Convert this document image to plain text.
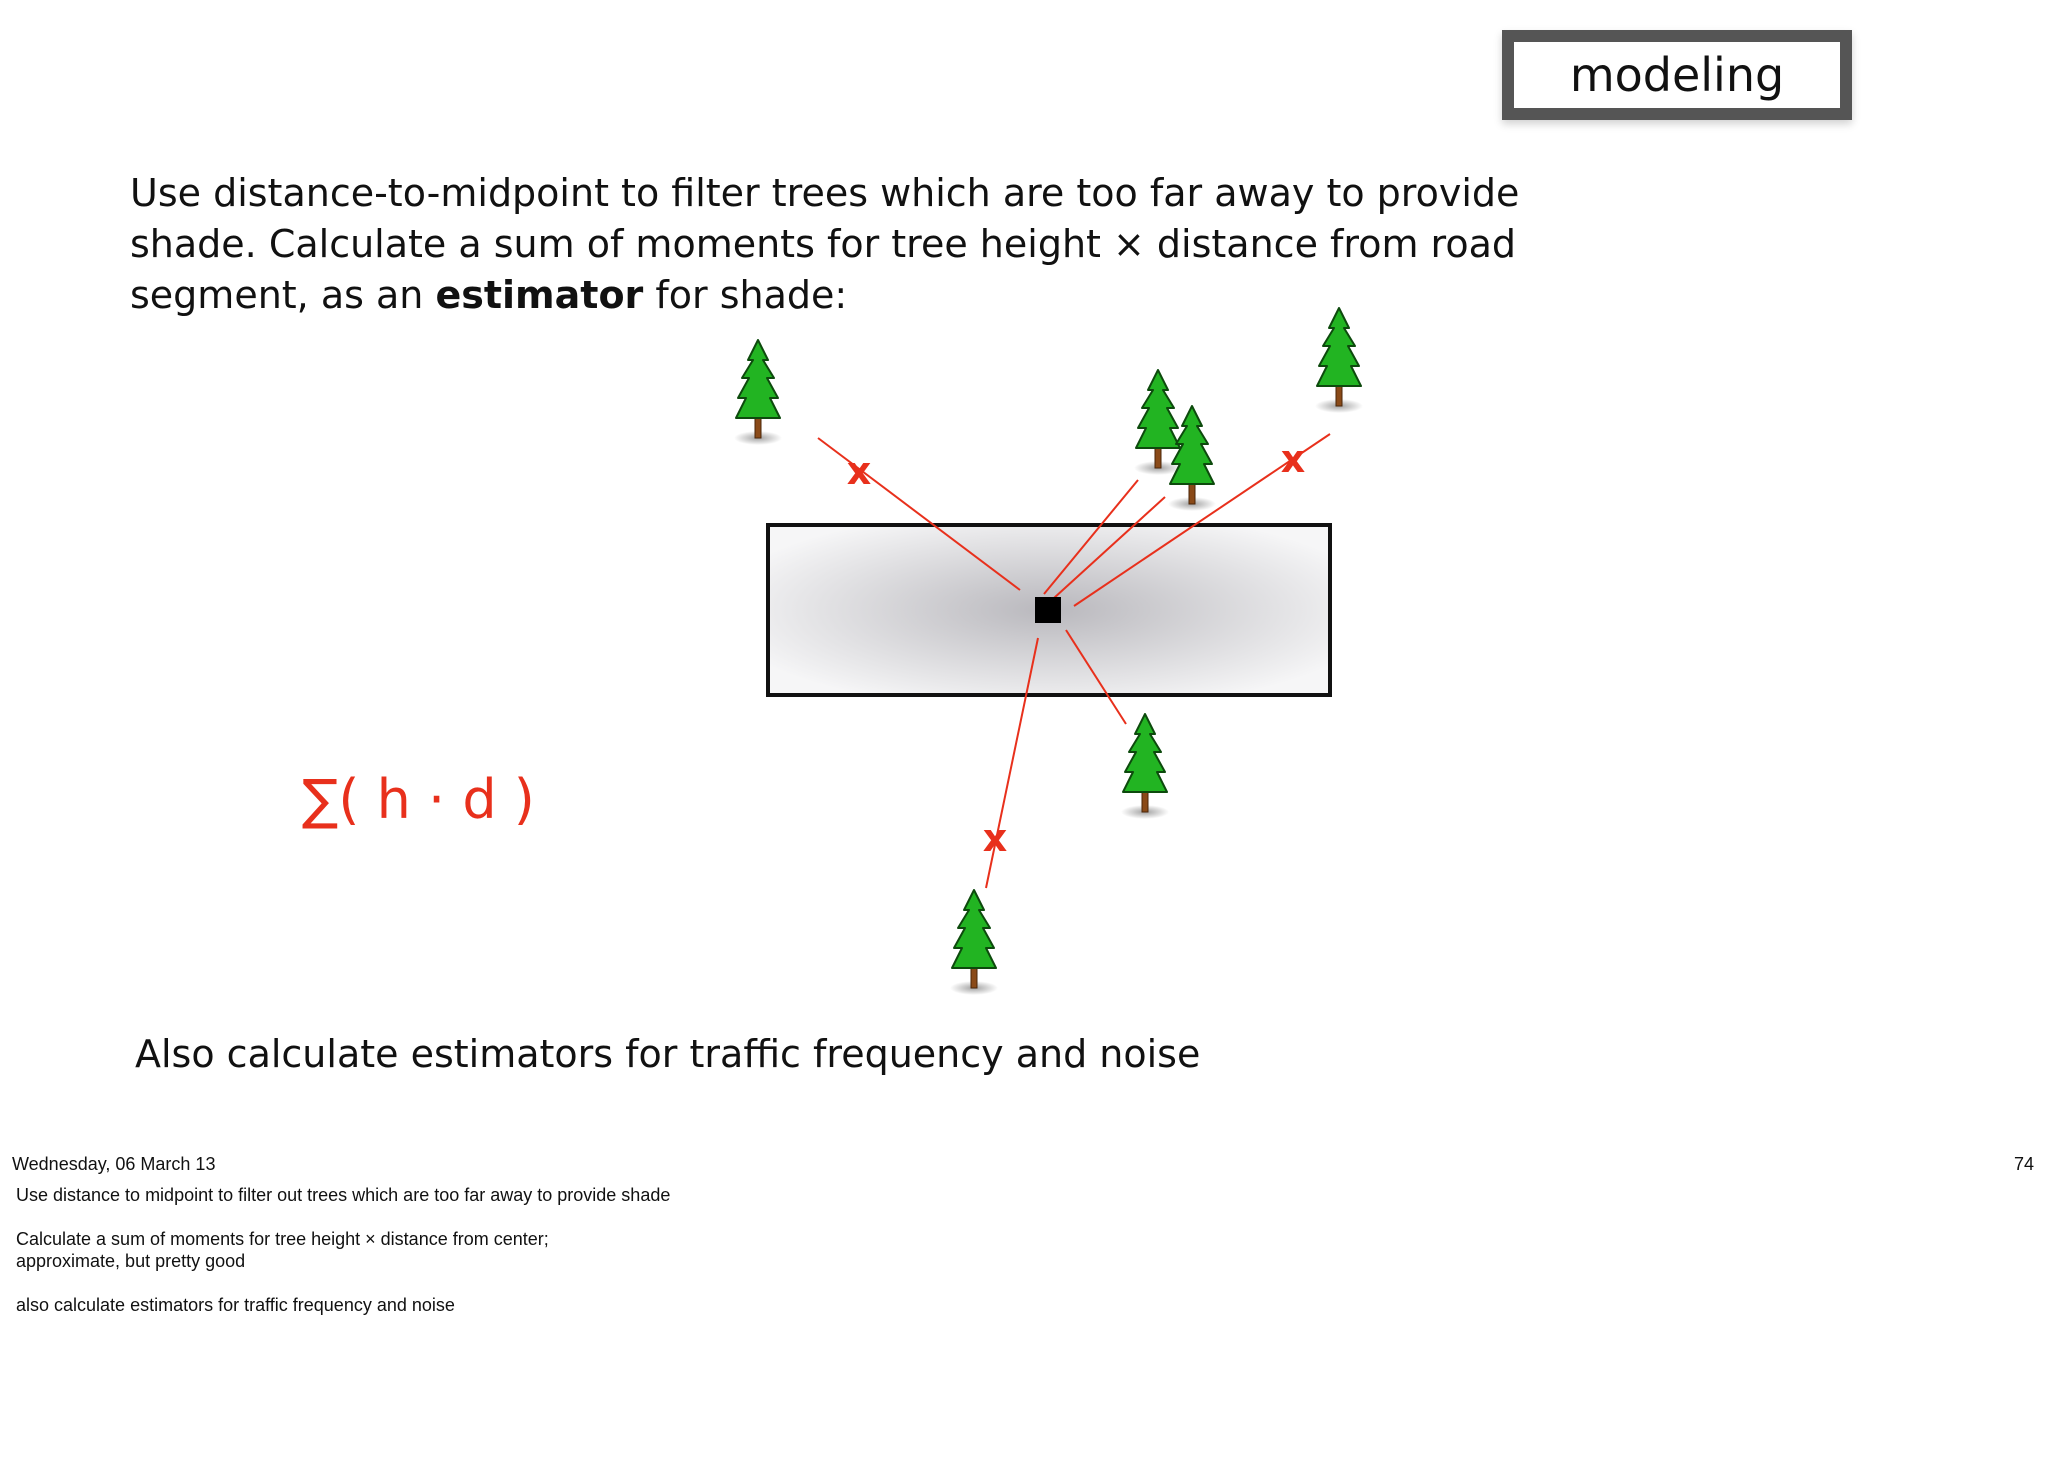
modeling
Use distance-to-midpoint to filter trees which are too far away to provide shade. Calculate a sum of moments for tree height × distance from road segment, as an estimator for shade:
x	x
x
∑( h · d )
Also calculate estimators for traffic frequency and noise
Wednesday, 06 March 13	74
Use distance to midpoint to filter out trees which are too far away to provide shade
Calculate a sum of moments for tree height × distance from center;
approximate, but pretty good
also calculate estimators for traffic frequency and noise
